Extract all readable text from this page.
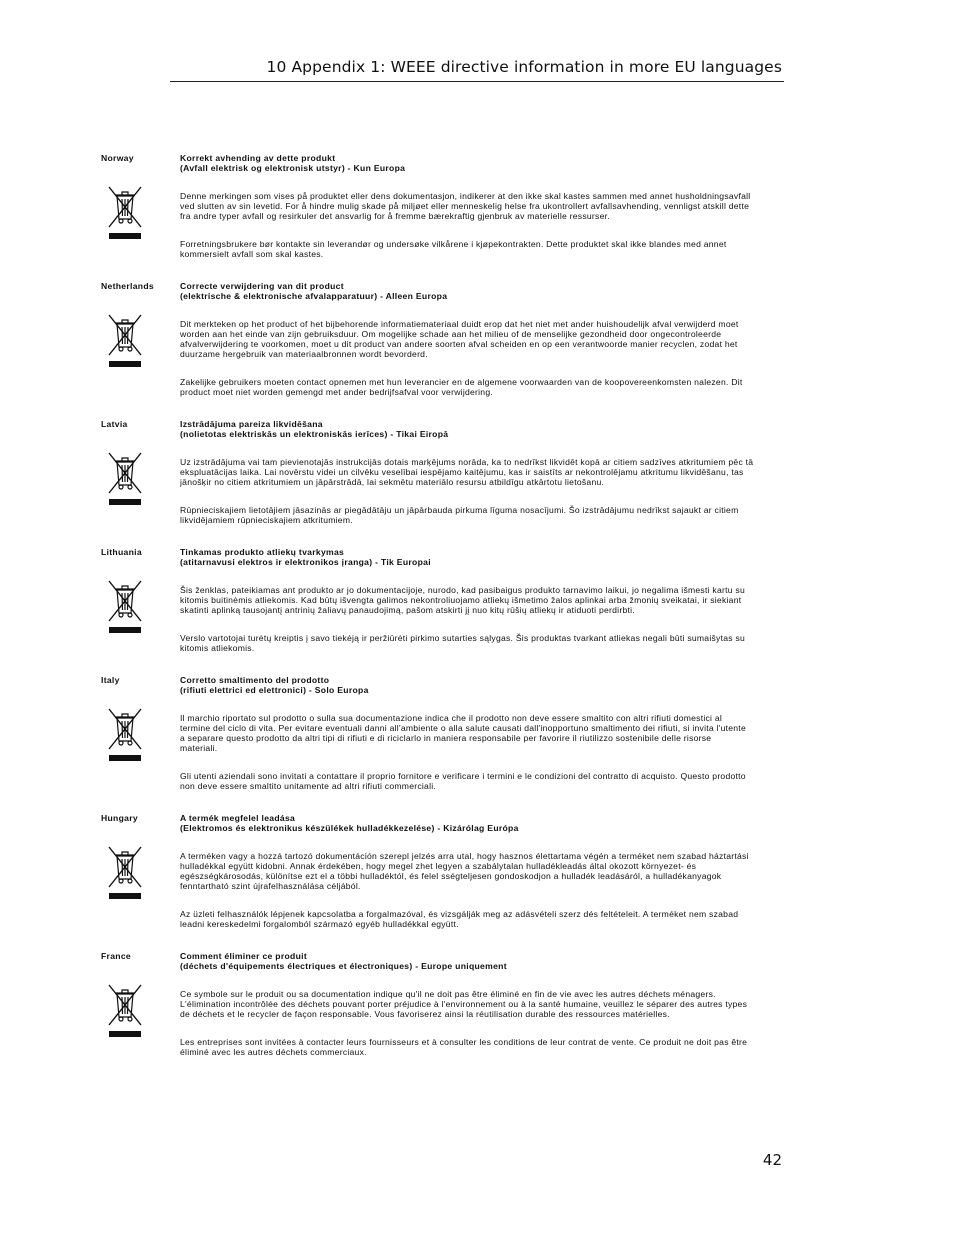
10 Appendix 1: WEEE directive information in more EU languages
Norway	Korrekt avhending av dette produkt
(Avfall elektrisk og elektronisk utstyr) - Kun Europa
Denne merkingen som vises på produktet eller dens dokumentasjon, indikerer at den ikke skal kastes sammen med annet husholdningsavfall
ved slutten av sin levetid. For å hindre mulig skade på miljøet eller menneskelig helse fra ukontrollert avfallsavhending, vennligst atskill dette
fra andre typer avfall og resirkuler det ansvarlig for å fremme bærekraftig gjenbruk av materielle ressurser.
Forretningsbrukere bør kontakte sin leverandør og undersøke vilkårene i kjøpekontrakten. Dette produktet skal ikke blandes med annet
kommersielt avfall som skal kastes.
Netherlands	Correcte verwijdering van dit product
(elektrische & elektronische afvalapparatuur) - Alleen Europa
Dit merkteken op het product of het bijbehorende informatiemateriaal duidt erop dat het niet met ander huishoudelijk afval verwijderd moet
worden aan het einde van zijn gebruiksduur. Om mogelijke schade aan het milieu of de menselijke gezondheid door ongecontroleerde
afvalverwijdering te voorkomen, moet u dit product van andere soorten afval scheiden en op een verantwoorde manier recyclen, zodat het
duurzame hergebruik van materiaalbronnen wordt bevorderd.
Zakelijke gebruikers moeten contact opnemen met hun leverancier en de algemene voorwaarden van de koopovereenkomsten nalezen. Dit
product moet niet worden gemengd met ander bedrijfsafval voor verwijdering.
Latvia	Izstrādājuma pareiza likvidēšana
(nolietotas elektriskās un elektroniskās ierīces) - Tikai Eiropā
Uz izstrādājuma vai tam pievienotajās instrukcijās dotais marķējums norāda, ka to nedrīkst likvidēt kopā ar citiem sadzīves atkritumiem pēc tā
ekspluatācijas laika. Lai novērstu videi un cilvēku veselībai iespējamo kaitējumu, kas ir saistīts ar nekontrolējamu atkritumu likvidēšanu, tas
jānošķir no citiem atkritumiem un jāpārstrādā, lai sekmētu materiālo resursu atbildīgu atkārtotu lietošanu.
Rūpnieciskajiem lietotājiem jāsazinās ar piegādātāju un jāpārbauda pirkuma līguma nosacījumi. Šo izstrādājumu nedrīkst sajaukt ar citiem
likvidējamiem rūpnieciskajiem atkritumiem.
Lithuania	Tinkamas produkto atliekų tvarkymas
(atitarnavusi elektros ir elektronikos įranga) - Tik Europai
Šis ženklas, pateikiamas ant produkto ar jo dokumentacijoje, nurodo, kad pasibaigus produkto tarnavimo laikui, jo negalima išmesti kartu su
kitomis buitinėmis atliekomis. Kad būtų išvengta galimos nekontroliuojamo atliekų išmetimo žalos aplinkai arba žmonių sveikatai, ir siekiant
skatinti aplinką tausojantį antrinių žaliavų panaudojimą, pašom atskirti jį nuo kitų rūšių atliekų ir atiduoti perdirbti.
Verslo vartotojai turėtų kreiptis į savo tiekėją ir peržiūrėti pirkimo sutarties sąlygas. Šis produktas tvarkant atliekas negali būti sumaišytas su
kitomis atliekomis.
Italy	Corretto smaltimento del prodotto
(rifiuti elettrici ed elettronici) - Solo Europa
Il marchio riportato sul prodotto o sulla sua documentazione indica che il prodotto non deve essere smaltito con altri rifiuti domestici al
termine del ciclo di vita. Per evitare eventuali danni all'ambiente o alla salute causati dall'inopportuno smaltimento dei rifiuti, si invita l'utente
a separare questo prodotto da altri tipi di rifiuti e di riciclarlo in maniera responsabile per favorire il riutilizzo sostenibile delle risorse
materiali.
Gli utenti aziendali sono invitati a contattare il proprio fornitore e verificare i termini e le condizioni del contratto di acquisto. Questo prodotto
non deve essere smaltito unitamente ad altri rifiuti commerciali.
Hungary	A termék megfelel leadása
(Elektromos és elektronikus készülékek hulladékkezelése) - Kizárólag Európa
A terméken vagy a hozzá tartozó dokumentáción szerepl jelzés arra utal, hogy hasznos élettartama végén a terméket nem szabad háztartási
hulladékkal együtt kidobni. Annak érdekében, hogy megel zhet legyen a szabálytalan hulladékleadás által okozott környezet- és
egészségkárosodás, különítse ezt el a többi hulladéktól, és felel sségteljesen gondoskodjon a hulladék leadásáról, a hulladékanyagok
fenntartható szint újrafelhasználása céljából.
Az üzleti felhasználók lépjenek kapcsolatba a forgalmazóval, és vizsgálják meg az adásvételi szerz dés feltételeit. A terméket nem szabad
leadni kereskedelmi forgalomból származó egyéb hulladékkal együtt.
France	Comment éliminer ce produit
(déchets d'équipements électriques et électroniques) - Europe uniquement
Ce symbole sur le produit ou sa documentation indique qu'il ne doit pas être éliminé en fin de vie avec les autres déchets ménagers.
L'élimination incontrôlée des déchets pouvant porter préjudice à l'environnement ou à la santé humaine, veuillez le séparer des autres types
de déchets et le recycler de façon responsable. Vous favoriserez ainsi la réutilisation durable des ressources matérielles.
Les entreprises sont invitées à contacter leurs fournisseurs et à consulter les conditions de leur contrat de vente. Ce produit ne doit pas être
éliminé avec les autres déchets commerciaux.
42
